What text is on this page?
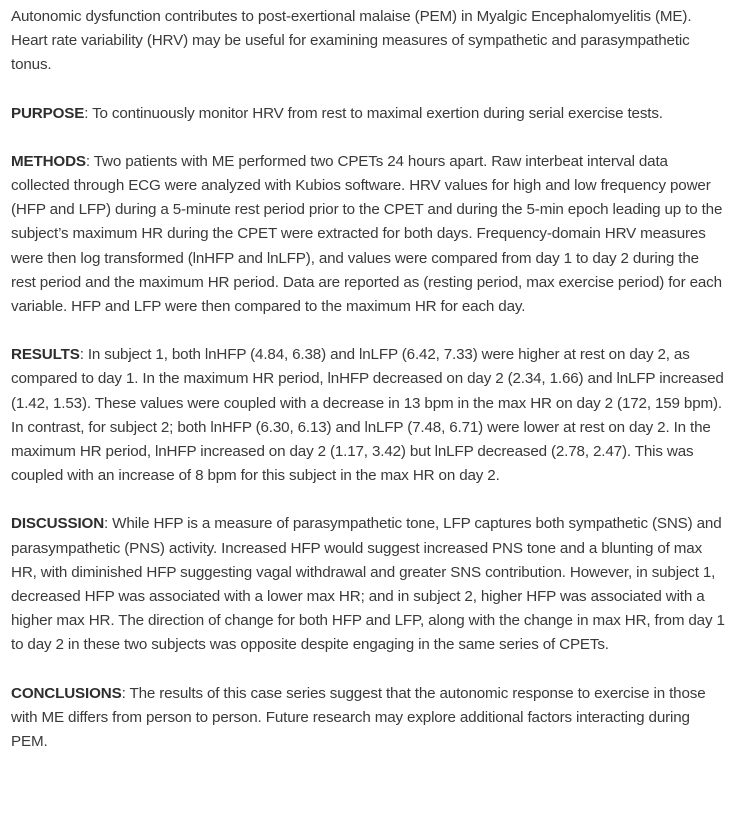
Autonomic dysfunction contributes to post-exertional malaise (PEM) in Myalgic Encephalomyelitis (ME). Heart rate variability (HRV) may be useful for examining measures of sympathetic and parasympathetic tonus.

PURPOSE: To continuously monitor HRV from rest to maximal exertion during serial exercise tests.

METHODS: Two patients with ME performed two CPETs 24 hours apart. Raw interbeat interval data collected through ECG were analyzed with Kubios software. HRV values for high and low frequency power (HFP and LFP) during a 5-minute rest period prior to the CPET and during the 5-min epoch leading up to the subject’s maximum HR during the CPET were extracted for both days. Frequency-domain HRV measures were then log transformed (lnHFP and lnLFP), and values were compared from day 1 to day 2 during the rest period and the maximum HR period. Data are reported as (resting period, max exercise period) for each variable. HFP and LFP were then compared to the maximum HR for each day.

RESULTS: In subject 1, both lnHFP (4.84, 6.38) and lnLFP (6.42, 7.33) were higher at rest on day 2, as compared to day 1. In the maximum HR period, lnHFP decreased on day 2 (2.34, 1.66) and lnLFP increased (1.42, 1.53). These values were coupled with a decrease in 13 bpm in the max HR on day 2 (172, 159 bpm). In contrast, for subject 2; both lnHFP (6.30, 6.13) and lnLFP (7.48, 6.71) were lower at rest on day 2. In the maximum HR period, lnHFP increased on day 2 (1.17, 3.42) but lnLFP decreased (2.78, 2.47). This was coupled with an increase of 8 bpm for this subject in the max HR on day 2.

DISCUSSION: While HFP is a measure of parasympathetic tone, LFP captures both sympathetic (SNS) and parasympathetic (PNS) activity. Increased HFP would suggest increased PNS tone and a blunting of max HR, with diminished HFP suggesting vagal withdrawal and greater SNS contribution. However, in subject 1, decreased HFP was associated with a lower max HR; and in subject 2, higher HFP was associated with a higher max HR. The direction of change for both HFP and LFP, along with the change in max HR, from day 1 to day 2 in these two subjects was opposite despite engaging in the same series of CPETs.

CONCLUSIONS: The results of this case series suggest that the autonomic response to exercise in those with ME differs from person to person. Future research may explore additional factors interacting during PEM.
